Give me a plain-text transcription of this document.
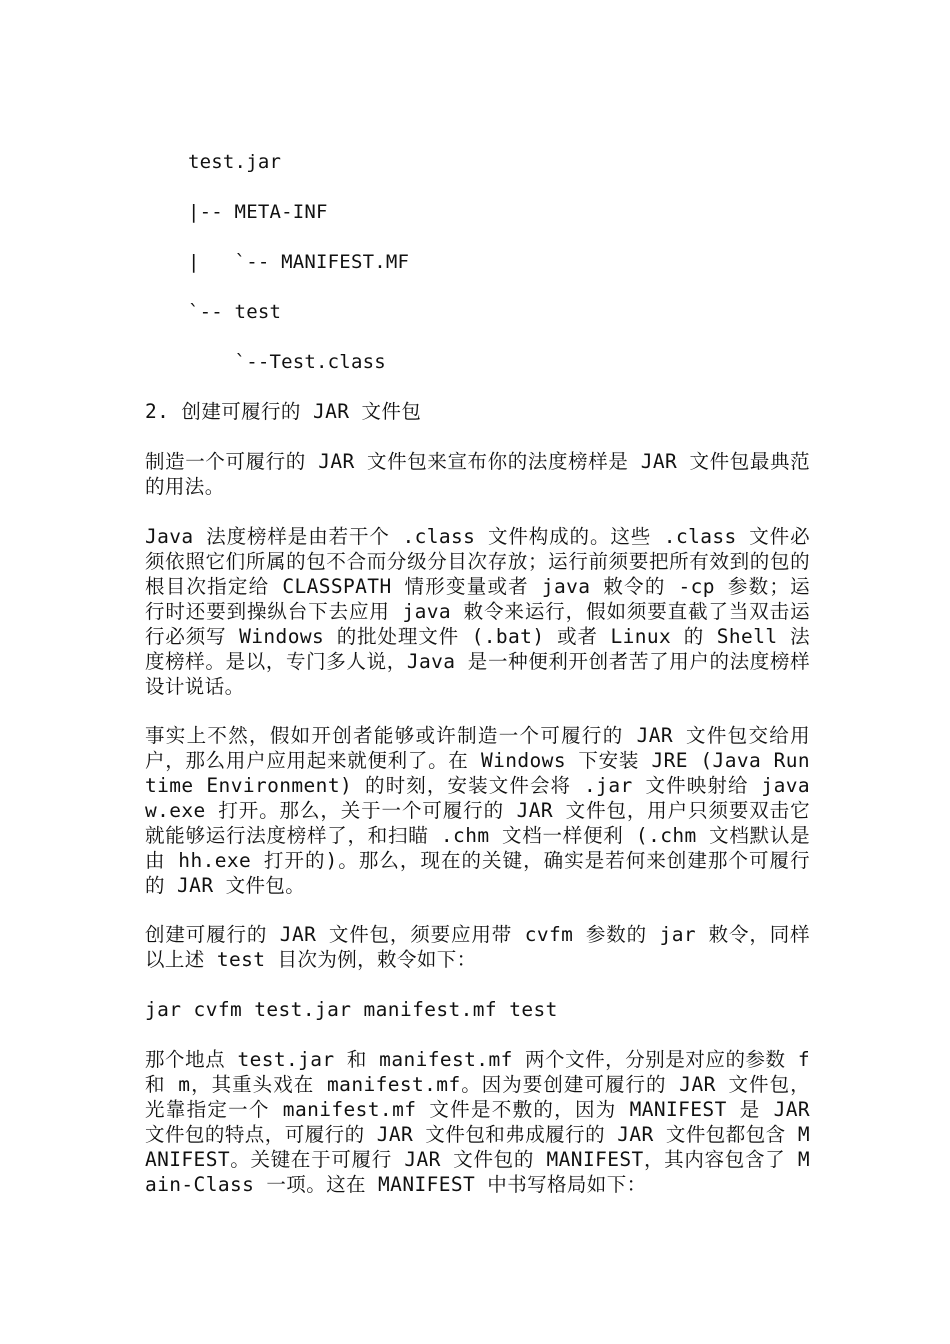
test.jar
|-- META-INF
|   `-- MANIFEST.MF
`-- test
`--Test.class
2. 创建可履行的 JAR 文件包

制造一个可履行的 JAR 文件包来宣布你的法度榜样是 JAR 文件包最典范的用法。

Java 法度榜样是由若干个 .class 文件构成的。这些 .class 文件必须依照它们所属的包不合而分级分目次存放；运行前须要把所有效到的包的根目次指定给 CLASSPATH 情形变量或者 java 敕令的 -cp 参数；运行时还要到操纵台下去应用 java 敕令来运行，假如须要直截了当双击运行必须写 Windows 的批处理文件 (.bat) 或者 Linux 的 Shell 法度榜样。是以，专门多人说，Java 是一种便利开创者苦了用户的法度榜样设计说话。

事实上不然，假如开创者能够或许制造一个可履行的 JAR 文件包交给用户，那么用户应用起来就便利了。在 Windows 下安装 JRE (Java Runtime Environment) 的时刻，安装文件会将 .jar 文件映射给 javaw.exe 打开。那么，关于一个可履行的 JAR 文件包，用户只须要双击它就能够运行法度榜样了，和扫瞄 .chm 文档一样便利 (.chm 文档默认是由 hh.exe 打开的)。那么，现在的关键，确实是若何来创建那个可履行的 JAR 文件包。

创建可履行的 JAR 文件包，须要应用带 cvfm 参数的 jar 敕令，同样以上述 test 目次为例，敕令如下：

jar cvfm test.jar manifest.mf test

那个地点 test.jar 和 manifest.mf 两个文件，分别是对应的参数 f 和 m，其重头戏在 manifest.mf。因为要创建可履行的 JAR 文件包，光靠指定一个 manifest.mf 文件是不敷的，因为 MANIFEST 是 JAR 文件包的特点，可履行的 JAR 文件包和弗成履行的 JAR 文件包都包含 MANIFEST。关键在于可履行 JAR 文件包的 MANIFEST，其内容包含了 Main-Class 一项。这在 MANIFEST 中书写格局如下：
